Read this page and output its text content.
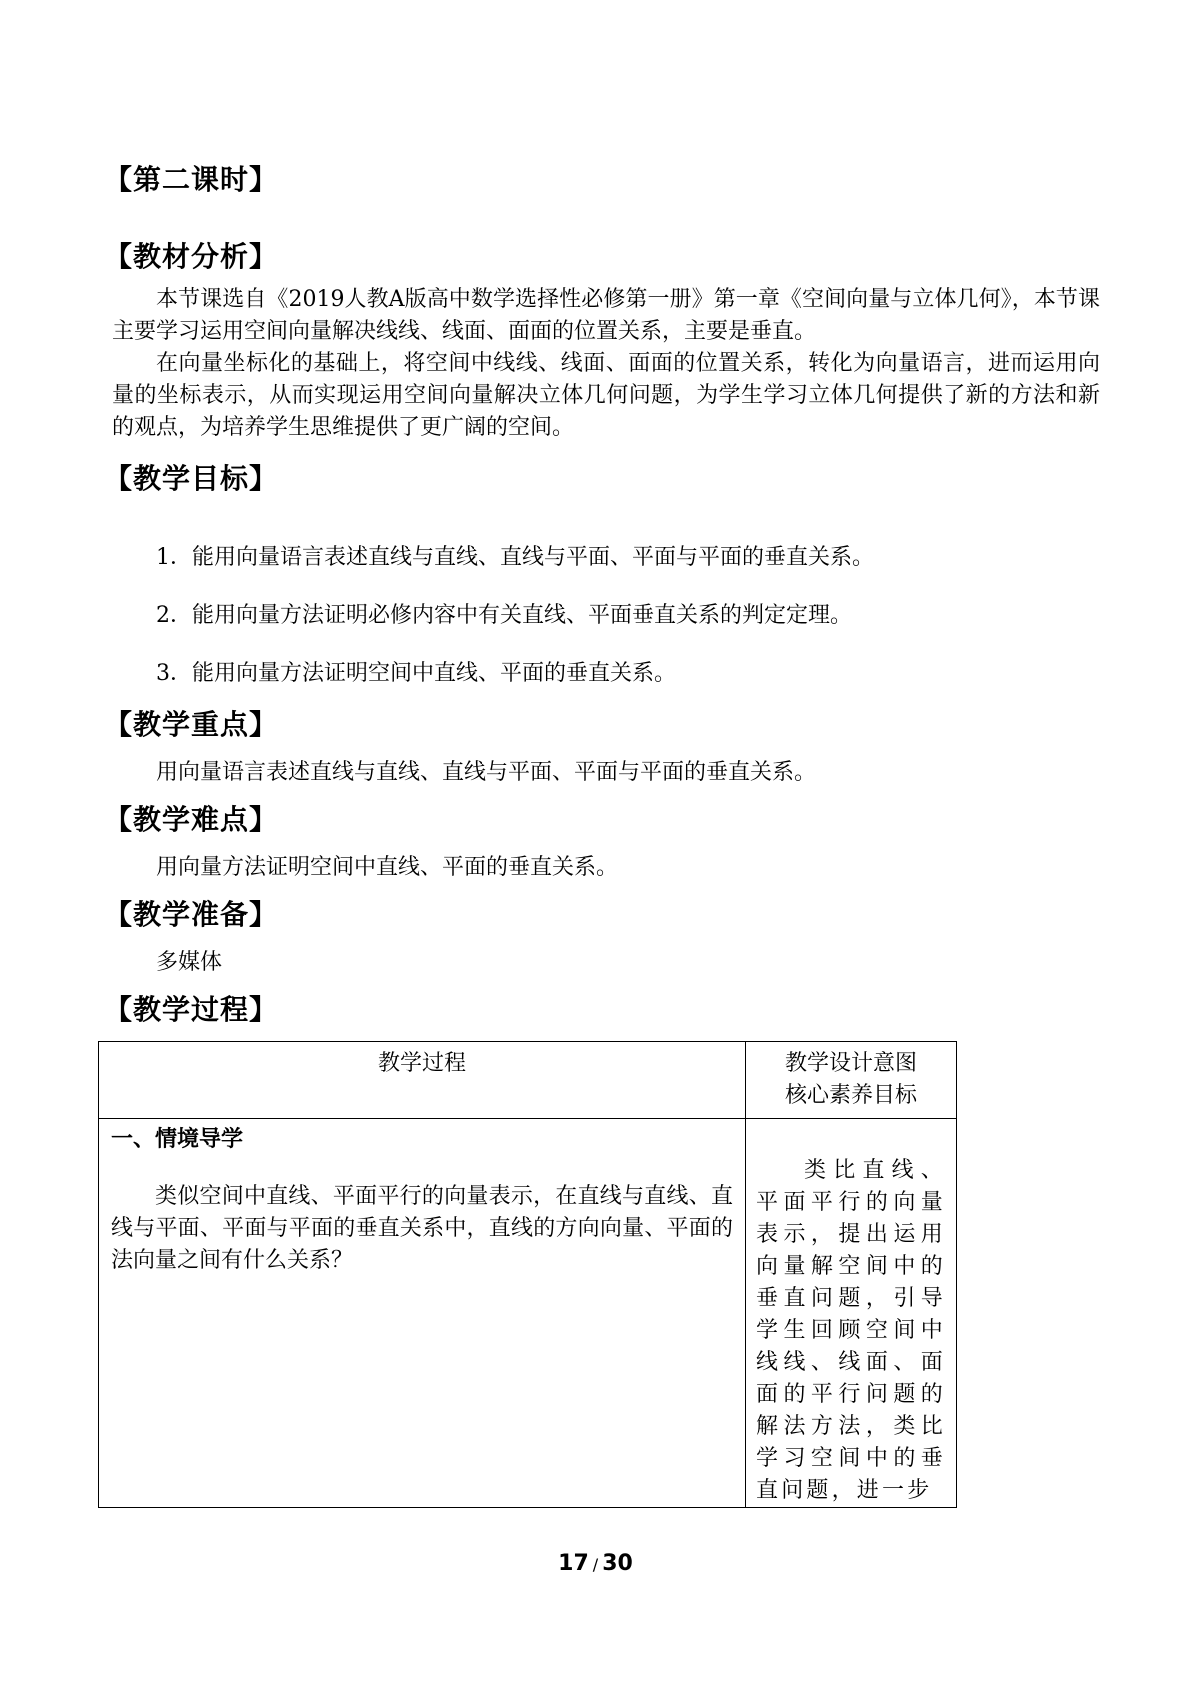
【第二课时】
【教材分析】

本节课选自《2019人教A版高中数学选择性必修第一册》第一章《空间向量与立体几何》，本节课主要学习运用空间向量解决线线、线面、面面的位置关系，主要是垂直。

在向量坐标化的基础上，将空间中线线、线面、面面的位置关系，转化为向量语言，进而运用向量的坐标表示，从而实现运用空间向量解决立体几何问题，为学生学习立体几何提供了新的方法和新的观点，为培养学生思维提供了更广阔的空间。

【教学目标】
1．能用向量语言表述直线与直线、直线与平面、平面与平面的垂直关系。
2．能用向量方法证明必修内容中有关直线、平面垂直关系的判定定理。
3．能用向量方法证明空间中直线、平面的垂直关系。
【教学重点】
用向量语言表述直线与直线、直线与平面、平面与平面的垂直关系。
【教学难点】
用向量方法证明空间中直线、平面的垂直关系。
【教学准备】
多媒体
【教学过程】
教学过程	教学设计意图
核心素养目标

一、情境导学
类似空间中直线、平面平行的向量表示，在直线与直线、直线与平面、平面与平面的垂直关系中，直线的方向向量、平面的法向量之间有什么关系？	类比直线、平面平行的向量表示，提出运用向量解空间中的垂直问题，引导学生回顾空间中线线、线面、面面的平行问题的解法方法，类比学习空间中的垂直问题，进一步
17 / 30
